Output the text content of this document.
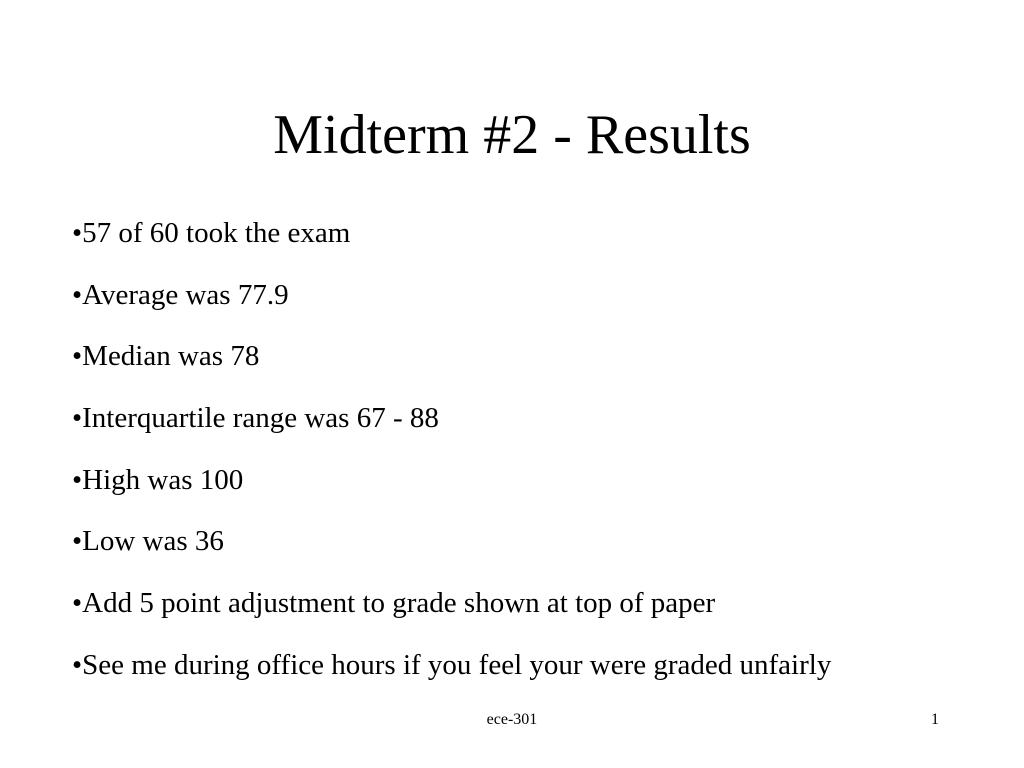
Midterm #2 - Results
•57 of 60 took the exam
•Average was 77.9
•Median was 78
•Interquartile range was 67 - 88
•High was 100
•Low was 36
•Add 5 point adjustment to grade shown at top of paper
•See me during office hours if you feel your were graded unfairly
ece-301	1
